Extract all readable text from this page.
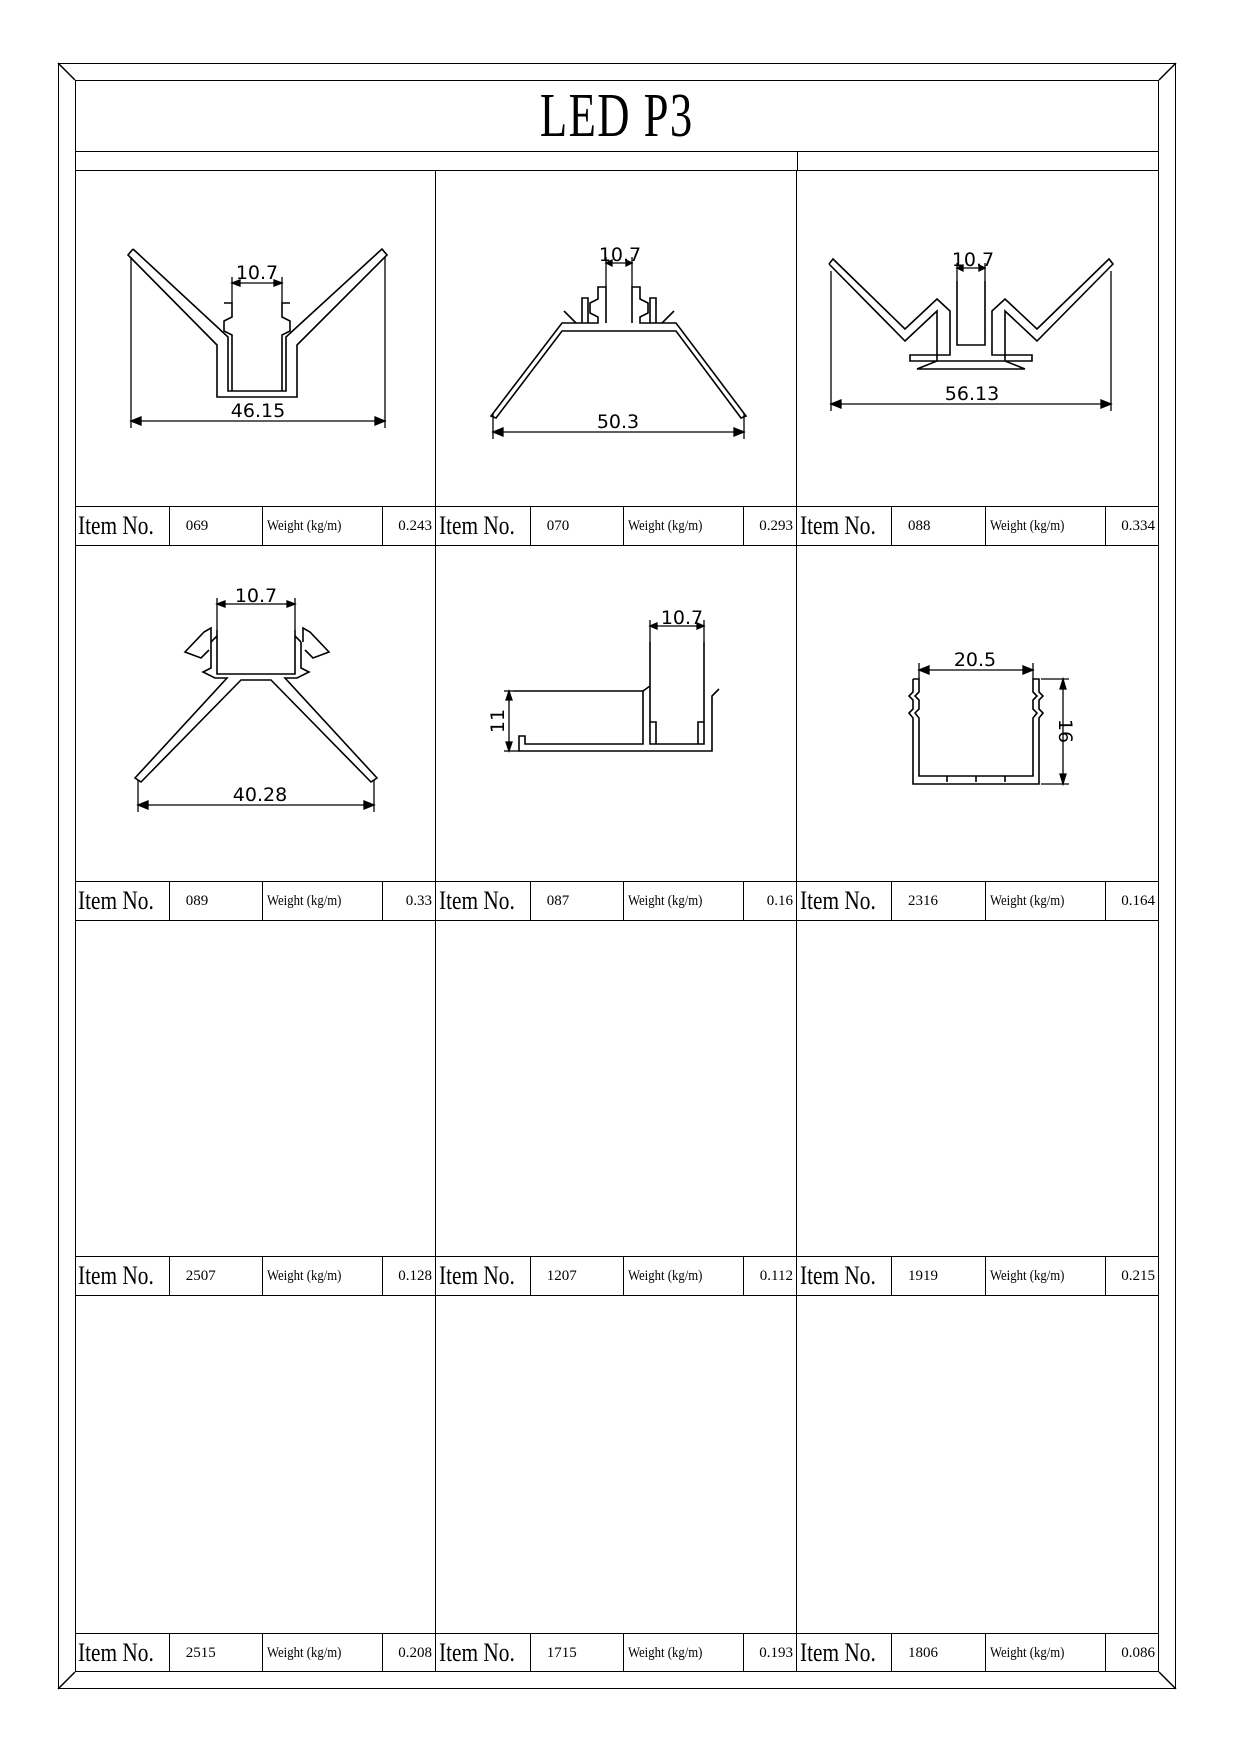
LED P3
10.7
46.15
Item No.	069	Weight (kg/m)	0.243
10.7
50.3
Item No.	070	Weight (kg/m)	0.293
10.7
56.13
Item No.	088	Weight (kg/m)	0.334
10.7
40.28
Item No.	089	Weight (kg/m)	0.33
10.7
11
Item No.	087	Weight (kg/m)	0.16
20.5
16
Item No.	2316	Weight (kg/m)	0.164
Item No.	2507	Weight (kg/m)	0.128 Item No.	1207	Weight (kg/m)	0.112 Item No.	1919	Weight (kg/m)	0.215
Item No.	2515	Weight (kg/m)	0.208 Item No.	1715	Weight (kg/m)	0.193 Item No.	1806	Weight (kg/m)	0.086
